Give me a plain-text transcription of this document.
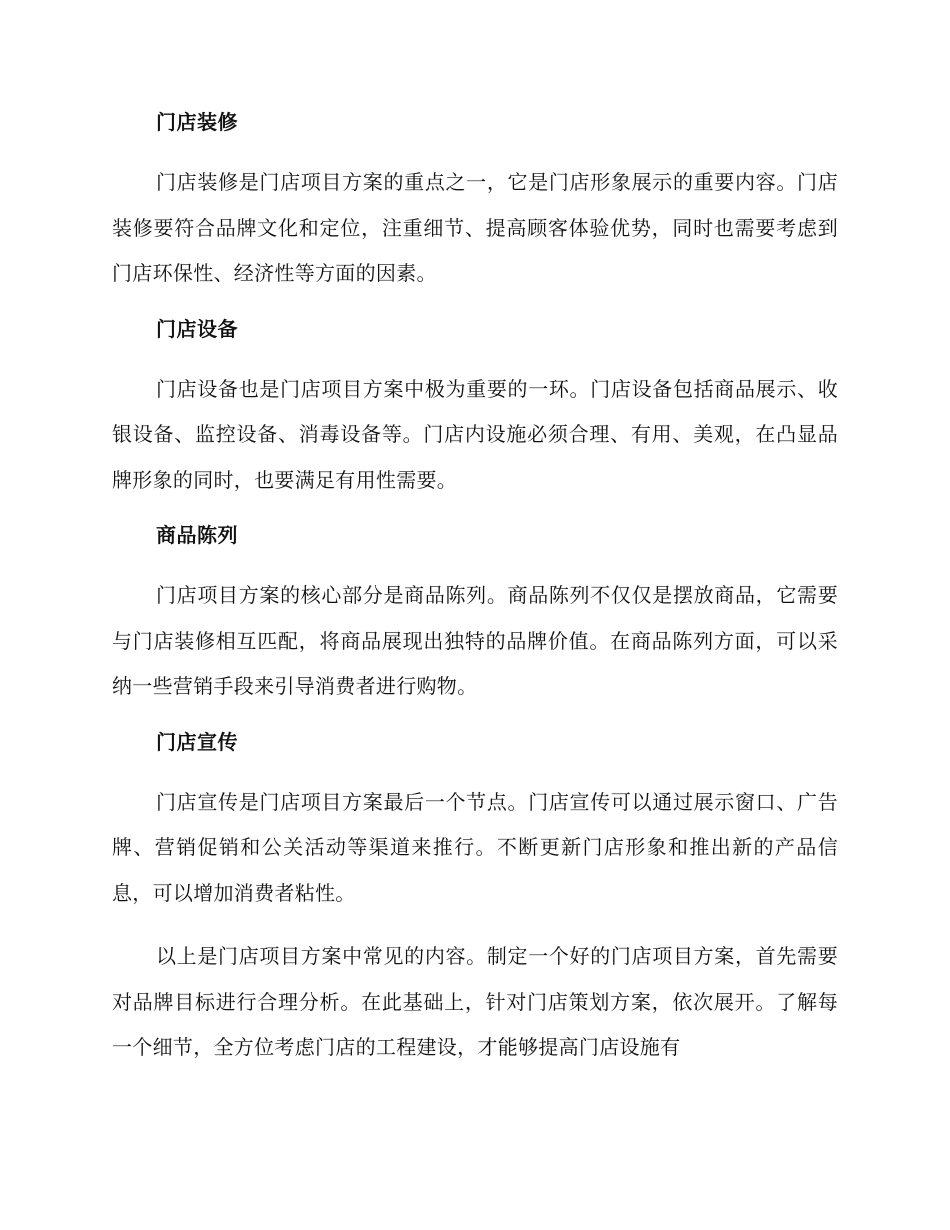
门店装修

门店装修是门店项目方案的重点之一，它是门店形象展示的重要内容。门店装修要符合品牌文化和定位，注重细节、提高顾客体验优势，同时也需要考虑到门店环保性、经济性等方面的因素。

门店设备

门店设备也是门店项目方案中极为重要的一环。门店设备包括商品展示、收银设备、监控设备、消毒设备等。门店内设施必须合理、有用、美观，在凸显品牌形象的同时，也要满足有用性需要。

商品陈列

门店项目方案的核心部分是商品陈列。商品陈列不仅仅是摆放商品，它需要与门店装修相互匹配，将商品展现出独特的品牌价值。在商品陈列方面，可以采纳一些营销手段来引导消费者进行购物。

门店宣传

门店宣传是门店项目方案最后一个节点。门店宣传可以通过展示窗口、广告牌、营销促销和公关活动等渠道来推行。不断更新门店形象和推出新的产品信息，可以增加消费者粘性。

以上是门店项目方案中常见的内容。制定一个好的门店项目方案，首先需要对品牌目标进行合理分析。在此基础上，针对门店策划方案，依次展开。了解每一个细节，全方位考虑门店的工程建设，才能够提高门店设施有
